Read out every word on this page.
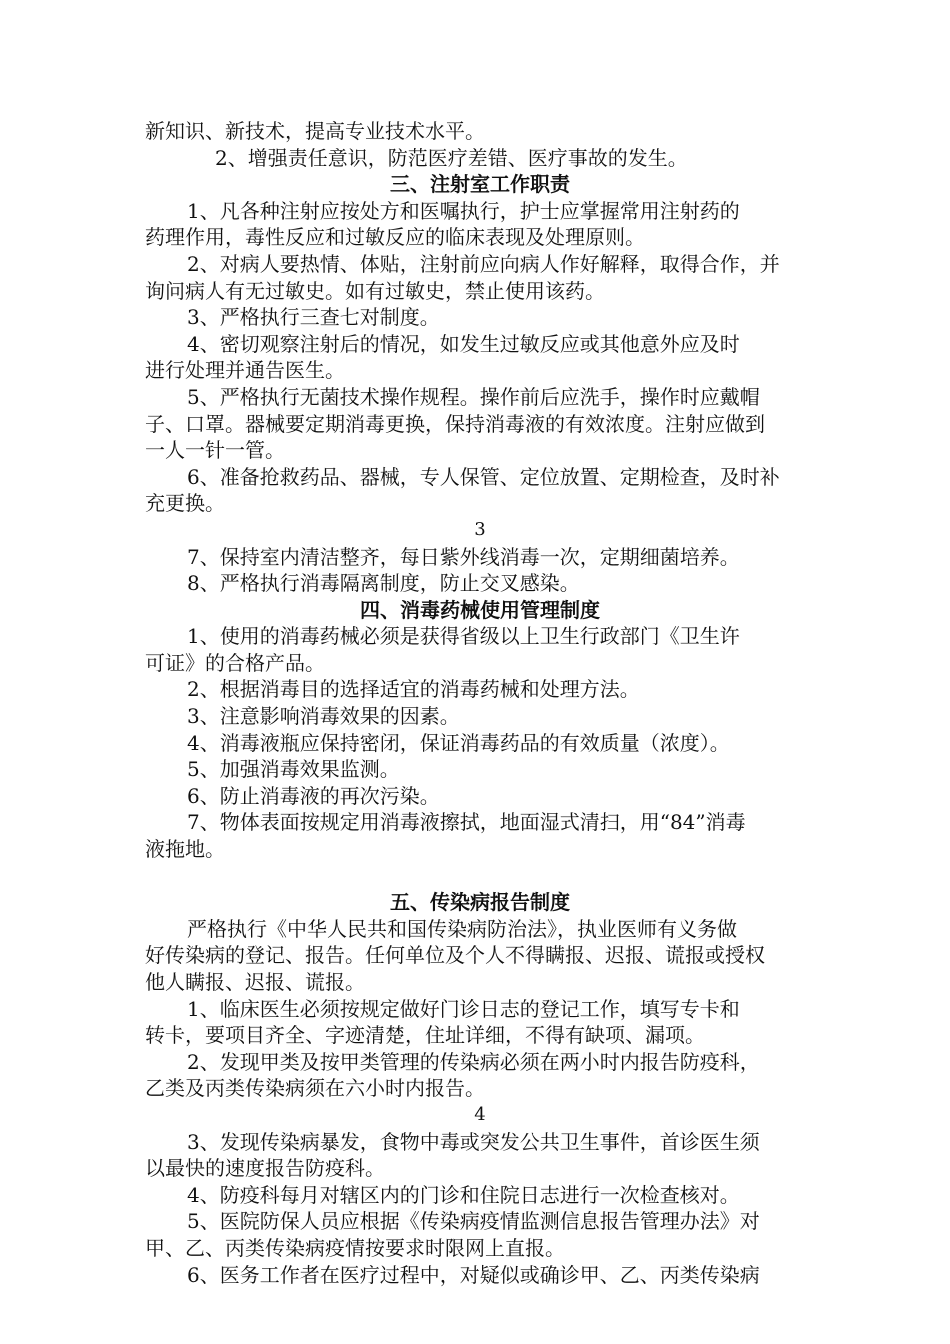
新知识、新技术，提高专业技术水平。
2、增强责任意识，防范医疗差错、医疗事故的发生。
三、注射室工作职责
1、凡各种注射应按处方和医嘱执行，护士应掌握常用注射药的
药理作用，毒性反应和过敏反应的临床表现及处理原则。
2、对病人要热情、体贴，注射前应向病人作好解释，取得合作，并
询问病人有无过敏史。如有过敏史，禁止使用该药。
3、严格执行三查七对制度。
4、密切观察注射后的情况，如发生过敏反应或其他意外应及时
进行处理并通告医生。
5、严格执行无菌技术操作规程。操作前后应洗手，操作时应戴帽
子、口罩。器械要定期消毒更换，保持消毒液的有效浓度。注射应做到
一人一针一管。
6、准备抢救药品、器械，专人保管、定位放置、定期检查，及时补
充更换。
3
7、保持室内清洁整齐，每日紫外线消毒一次，定期细菌培养。
8、严格执行消毒隔离制度，防止交叉感染。
四、消毒药械使用管理制度
1、使用的消毒药械必须是获得省级以上卫生行政部门《卫生许
可证》的合格产品。
2、根据消毒目的选择适宜的消毒药械和处理方法。
3、注意影响消毒效果的因素。
4、消毒液瓶应保持密闭，保证消毒药品的有效质量（浓度）。
5、加强消毒效果监测。
6、防止消毒液的再次污染。
7、物体表面按规定用消毒液擦拭，地面湿式清扫，用“84”消毒
液拖地。
五、传染病报告制度
严格执行《中华人民共和国传染病防治法》，执业医师有义务做
好传染病的登记、报告。任何单位及个人不得瞒报、迟报、谎报或授权
他人瞒报、迟报、谎报。
1、临床医生必须按规定做好门诊日志的登记工作，填写专卡和
转卡，要项目齐全、字迹清楚，住址详细，不得有缺项、漏项。
2、发现甲类及按甲类管理的传染病必须在两小时内报告防疫科，
乙类及丙类传染病须在六小时内报告。
4
3、发现传染病暴发，食物中毒或突发公共卫生事件，首诊医生须
以最快的速度报告防疫科。
4、防疫科每月对辖区内的门诊和住院日志进行一次检查核对。
5、医院防保人员应根据《传染病疫情监测信息报告管理办法》对
甲、乙、丙类传染病疫情按要求时限网上直报。
6、医务工作者在医疗过程中，对疑似或确诊甲、乙、丙类传染病
